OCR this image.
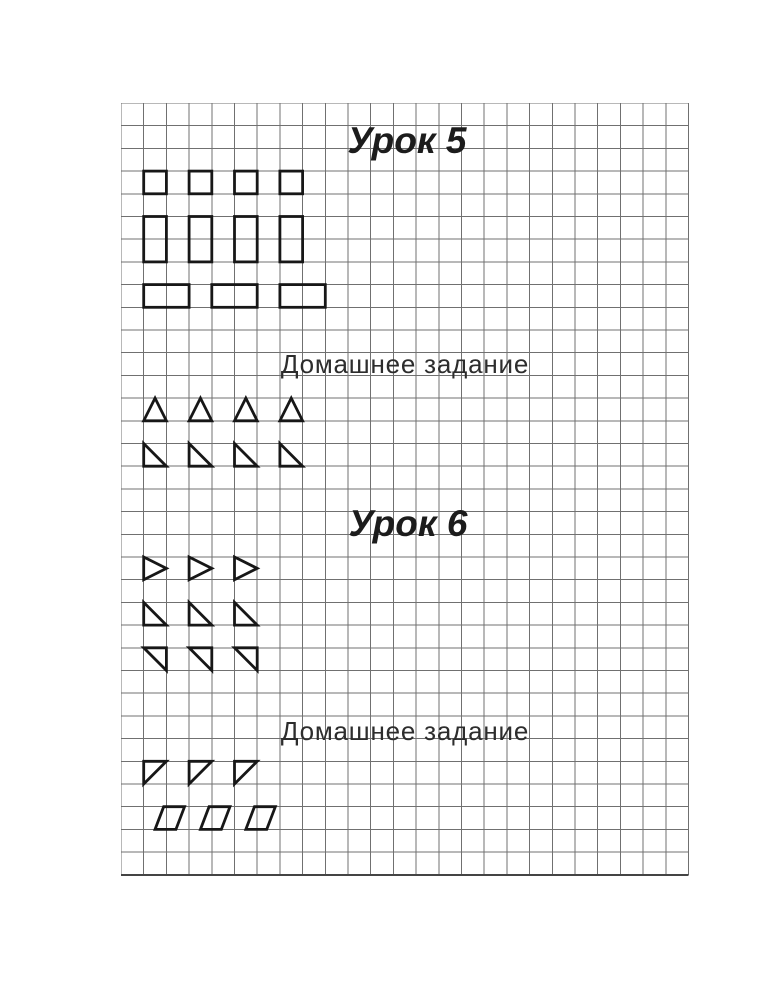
Урок 5
Домашнее задание
Урок 6
Домашнее задание
